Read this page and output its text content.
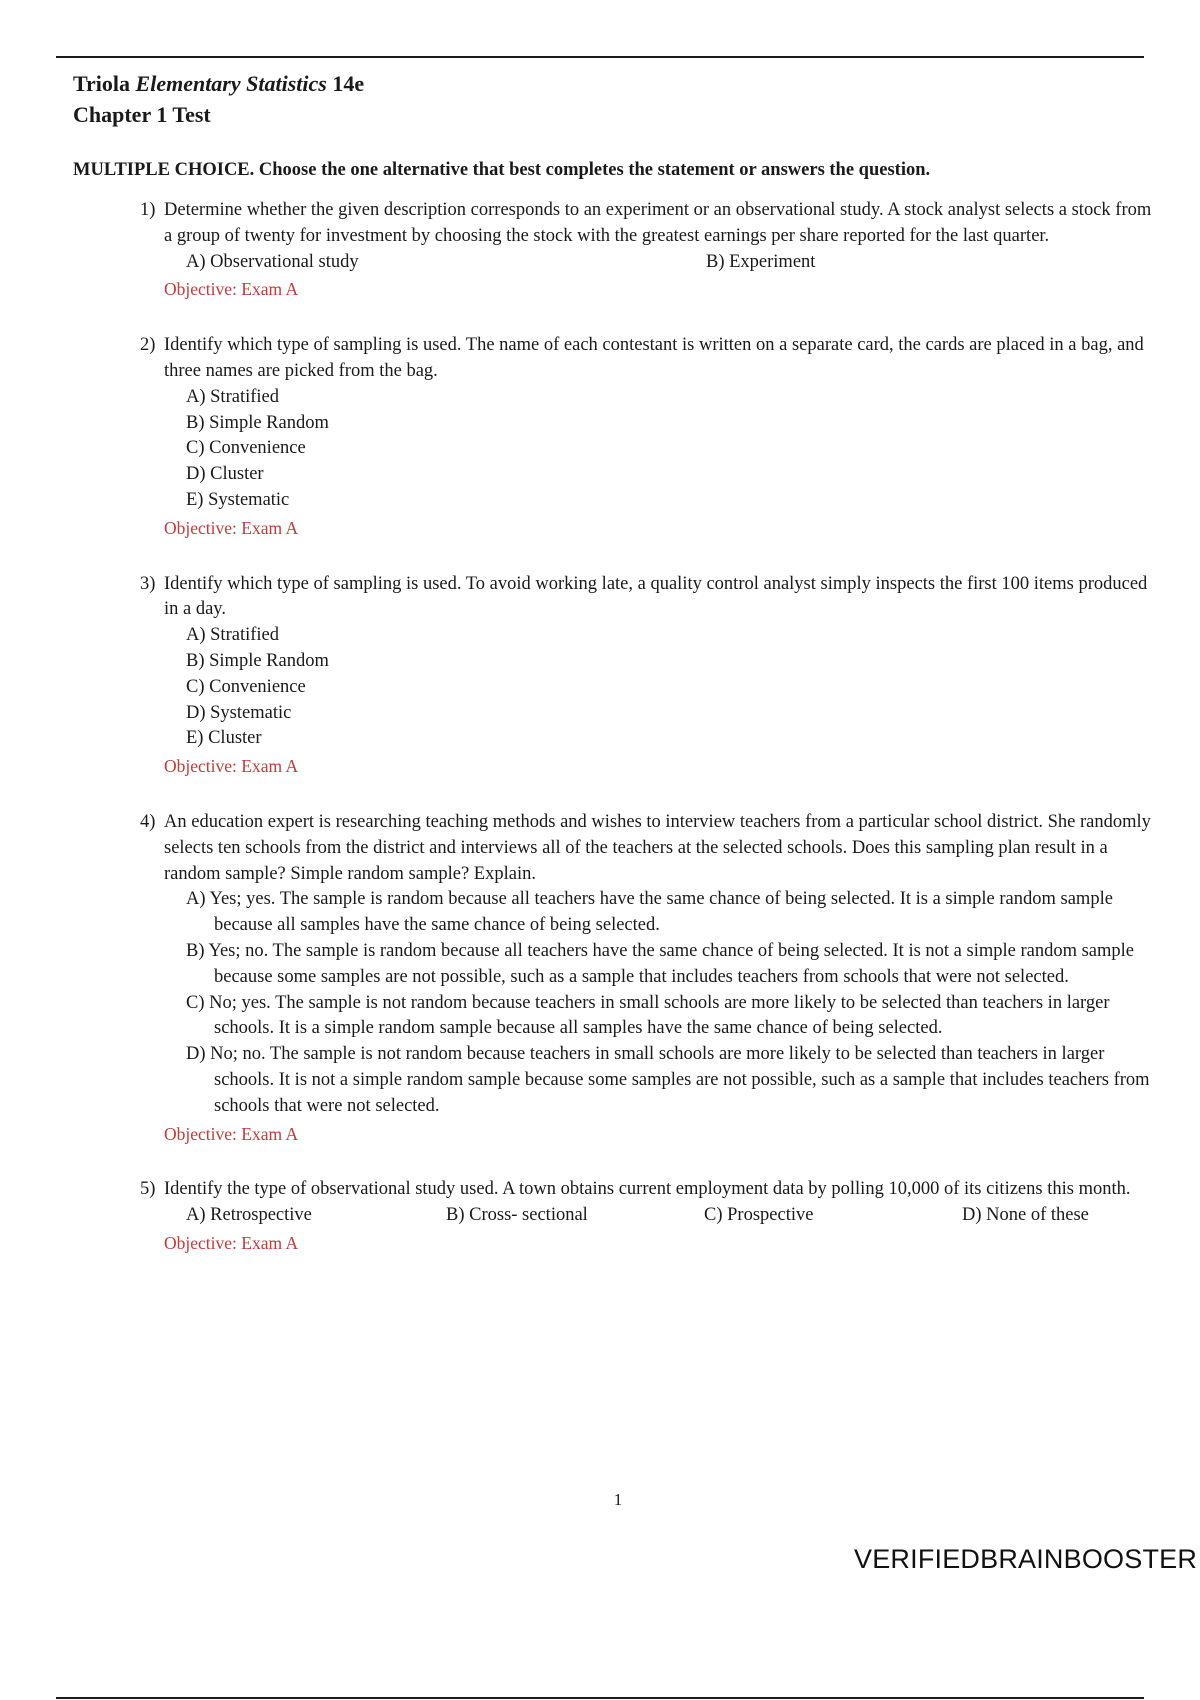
Triola Elementary Statistics 14e
Chapter 1 Test
MULTIPLE CHOICE. Choose the one alternative that best completes the statement or answers the question.
1) Determine whether the given description corresponds to an experiment or an observational study. A stock analyst selects a stock from a group of twenty for investment by choosing the stock with the greatest earnings per share reported for the last quarter.
A) Observational study	B) Experiment
Objective: Exam A
2) Identify which type of sampling is used. The name of each contestant is written on a separate card, the cards are placed in a bag, and three names are picked from the bag.
A) Stratified
B) Simple Random
C) Convenience
D) Cluster
E) Systematic
Objective: Exam A
3) Identify which type of sampling is used. To avoid working late, a quality control analyst simply inspects the first 100 items produced in a day.
A) Stratified
B) Simple Random
C) Convenience
D) Systematic
E) Cluster
Objective: Exam A
4) An education expert is researching teaching methods and wishes to interview teachers from a particular school district. She randomly selects ten schools from the district and interviews all of the teachers at the selected schools. Does this sampling plan result in a random sample? Simple random sample? Explain.
A) Yes; yes. The sample is random because all teachers have the same chance of being selected. It is a simple random sample because all samples have the same chance of being selected.
B) Yes; no. The sample is random because all teachers have the same chance of being selected. It is not a simple random sample because some samples are not possible, such as a sample that includes teachers from schools that were not selected.
C) No; yes. The sample is not random because teachers in small schools are more likely to be selected than teachers in larger schools. It is a simple random sample because all samples have the same chance of being selected.
D) No; no. The sample is not random because teachers in small schools are more likely to be selected than teachers in larger schools. It is not a simple random sample because some samples are not possible, such as a sample that includes teachers from schools that were not selected.
Objective: Exam A
5) Identify the type of observational study used. A town obtains current employment data by polling 10,000 of its citizens this month.
A) Retrospective	B) Cross- sectional	C) Prospective	D) None of these
Objective: Exam A
1
VERIFIEDBRAINBOOSTER
